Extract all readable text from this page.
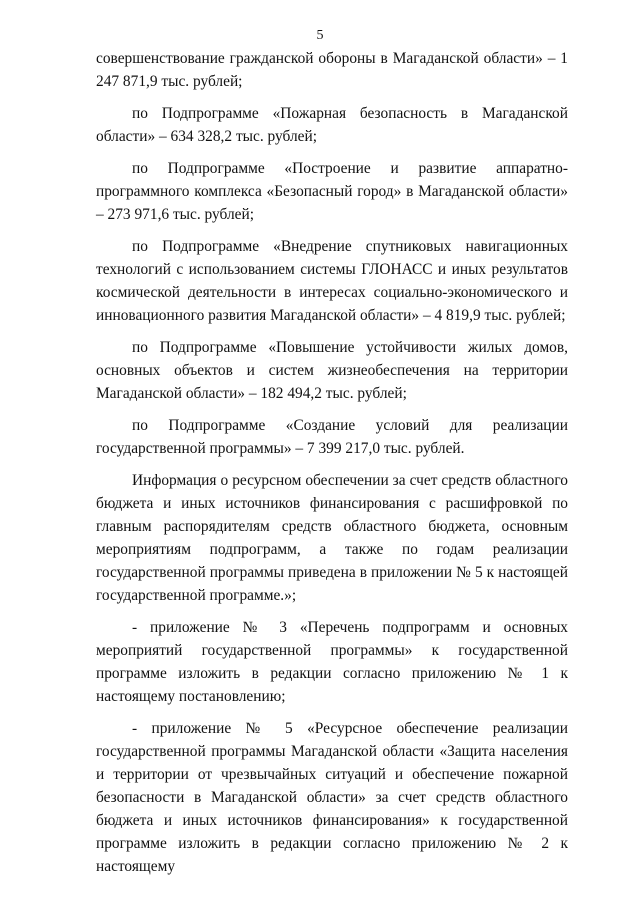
5

совершенствование гражданской обороны в Магаданской области» – 1 247 871,9 тыс. рублей;

по Подпрограмме «Пожарная безопасность в Магаданской области» – 634 328,2 тыс. рублей;

по Подпрограмме «Построение и развитие аппаратно-программного комплекса «Безопасный город» в Магаданской области» – 273 971,6 тыс. рублей;

по Подпрограмме «Внедрение спутниковых навигационных технологий с использованием системы ГЛОНАСС и иных результатов космической деятельности в интересах социально-экономического и инновационного развития Магаданской области» – 4 819,9 тыс. рублей;

по Подпрограмме «Повышение устойчивости жилых домов, основных объектов и систем жизнеобеспечения на территории Магаданской области» – 182 494,2 тыс. рублей;

по Подпрограмме «Создание условий для реализации государственной программы» – 7 399 217,0 тыс. рублей.

Информация о ресурсном обеспечении за счет средств областного бюджета и иных источников финансирования с расшифровкой по главным распорядителям средств областного бюджета, основным мероприятиям подпрограмм, а также по годам реализации государственной программы приведена в приложении № 5 к настоящей государственной программе.»;

- приложение № 3 «Перечень подпрограмм и основных мероприятий государственной программы» к государственной программе изложить в редакции согласно приложению № 1 к настоящему постановлению;

- приложение № 5 «Ресурсное обеспечение реализации государственной программы Магаданской области «Защита населения и территории от чрезвычайных ситуаций и обеспечение пожарной безопасности в Магаданской области» за счет средств областного бюджета и иных источников финансирования» к государственной программе изложить в редакции согласно приложению № 2 к настоящему
